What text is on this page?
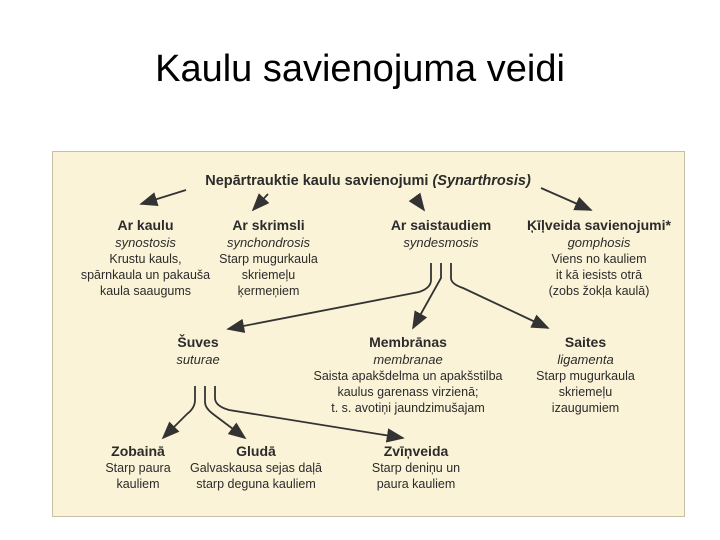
Kaulu savienojuma veidi
Nepārtrauktie kaulu savienojumi (Synarthrosis)
Ar kaulu
synostosis
Krustu kauls,
spārnkaula un pakauša
kaula saaugums
Ar skrimsli
synchondrosis
Starp mugurkaula
skriemeļu
ķermeņiem
Ar saistaudiem
syndesmosis
Ķīļveida savienojumi*
gomphosis
Viens no kauliem
it kā iesists otrā
(zobs žokļa kaulā)
Šuves
suturae
Membrānas
membranae
Saista apakšdelma un apakšstilba
kaulus garenass virzienā;
t. s. avotiņi jaundzimušajam
Saites
ligamenta
Starp mugurkaula
skriemeļu
izaugumiem
Zobainā
Starp paura
kauliem
Gludā
Galvaskausa sejas daļā
starp deguna kauliem
Zvīņveida
Starp deniņu un
paura kauliem
